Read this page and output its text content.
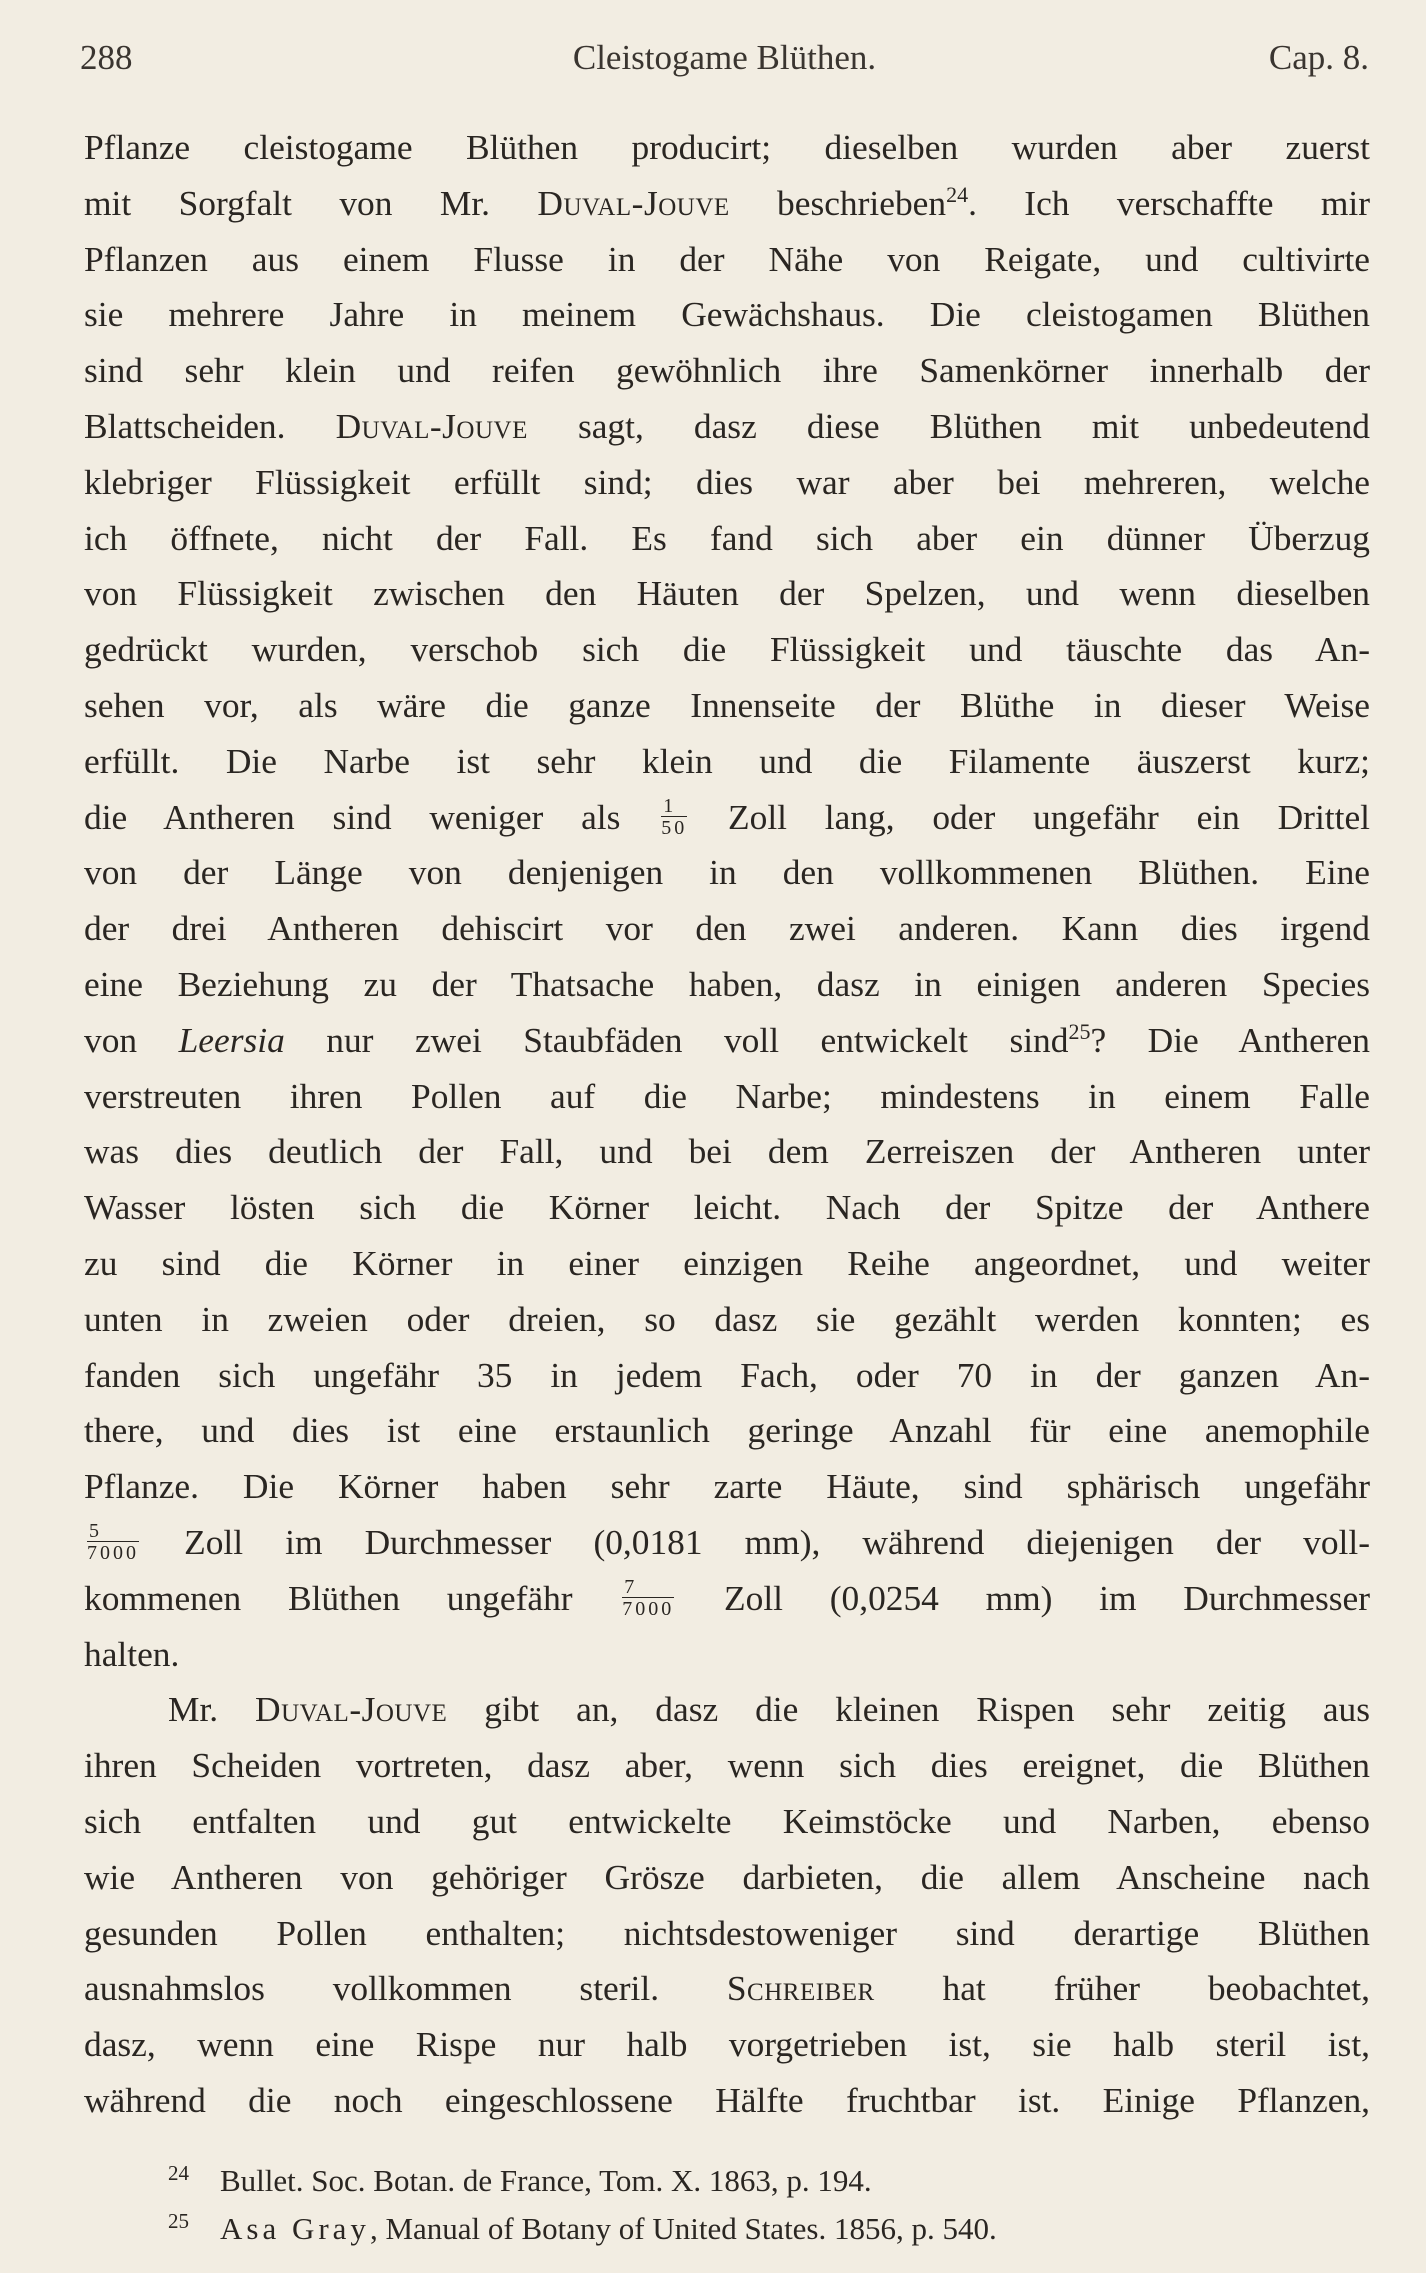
288	Cleistogame Blüthen.	Cap. 8.
Pflanze cleistogame Blüthen producirt; dieselben wurden aber zuerst
mit Sorgfalt von Mr. Duval-Jouve beschrieben$^{24}$. Ich verschaffte mir
Pflanzen aus einem Flusse in der Nähe von Reigate, und cultivirte
sie mehrere Jahre in meinem Gewächshaus. Die cleistogamen Blüthen
sind sehr klein und reifen gewöhnlich ihre Samenkörner innerhalb der
Blattscheiden. Duval-Jouve sagt, dasz diese Blüthen mit unbedeutend
klebriger Flüssigkeit erfüllt sind; dies war aber bei mehreren, welche
ich öffnete, nicht der Fall. Es fand sich aber ein dünner Überzug
von Flüssigkeit zwischen den Häuten der Spelzen, und wenn dieselben
gedrückt wurden, verschob sich die Flüssigkeit und täuschte das An-
sehen vor, als wäre die ganze Innenseite der Blüthe in dieser Weise
erfüllt. Die Narbe ist sehr klein und die Filamente äuszerst kurz;
die Antheren sind weniger als $\frac{1}{50}$ Zoll lang, oder ungefähr ein Drittel
von der Länge von denjenigen in den vollkommenen Blüthen. Eine
der drei Antheren dehiscirt vor den zwei anderen. Kann dies irgend
eine Beziehung zu der Thatsache haben, dasz in einigen anderen Species
von Leersia nur zwei Staubfäden voll entwickelt sind$^{25}$? Die Antheren
verstreuten ihren Pollen auf die Narbe; mindestens in einem Falle
was dies deutlich der Fall, und bei dem Zerreiszen der Antheren unter
Wasser lösten sich die Körner leicht. Nach der Spitze der Anthere
zu sind die Körner in einer einzigen Reihe angeordnet, und weiter
unten in zweien oder dreien, so dasz sie gezählt werden konnten; es
fanden sich ungefähr 35 in jedem Fach, oder 70 in der ganzen An-
there, und dies ist eine erstaunlich geringe Anzahl für eine anemophile
Pflanze. Die Körner haben sehr zarte Häute, sind sphärisch ungefähr
$\frac{5}{7000}$ Zoll im Durchmesser (0,0181 mm), während diejenigen der voll-
kommenen Blüthen ungefähr $\frac{7}{7000}$ Zoll (0,0254 mm) im Durchmesser
halten.
Mr. Duval-Jouve gibt an, dasz die kleinen Rispen sehr zeitig aus
ihren Scheiden vortreten, dasz aber, wenn sich dies ereignet, die Blüthen
sich entfalten und gut entwickelte Keimstöcke und Narben, ebenso
wie Antheren von gehöriger Grösze darbieten, die allem Anscheine nach
gesunden Pollen enthalten; nichtsdestoweniger sind derartige Blüthen
ausnahmslos vollkommen steril. Schreiber hat früher beobachtet,
dasz, wenn eine Rispe nur halb vorgetrieben ist, sie halb steril ist,
während die noch eingeschlossene Hälfte fruchtbar ist. Einige Pflanzen,
24 Bullet. Soc. Botan. de France, Tom. X. 1863, p. 194.
25 Asa Gray, Manual of Botany of United States. 1856, p. 540.
